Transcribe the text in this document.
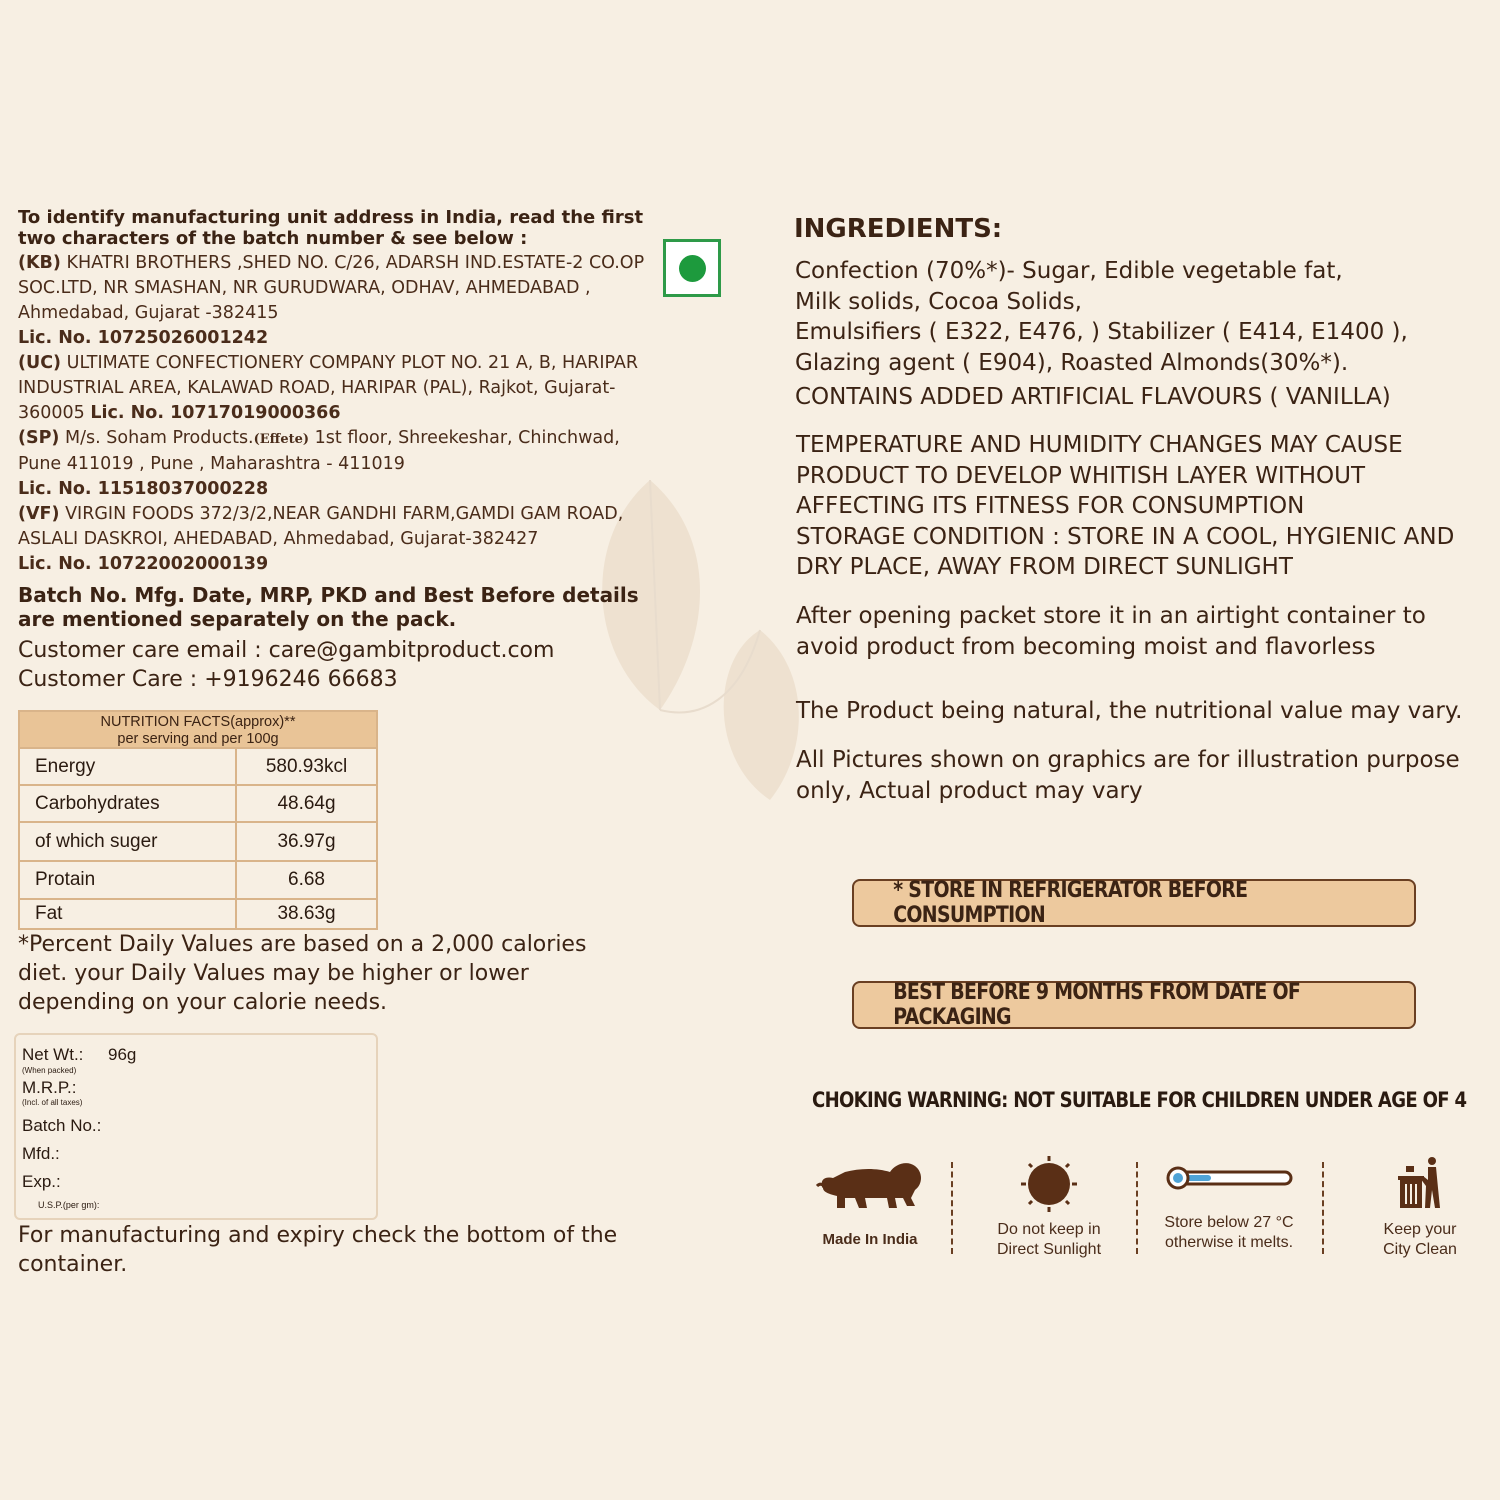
To identify manufacturing unit address in India, read the first two characters of the batch number & see below :

(KB) KHATRI BROTHERS ,SHED NO. C/26, ADARSH IND.ESTATE-2 CO.OP SOC.LTD, NR SMASHAN, NR GURUDWARA, ODHAV, AHMEDABAD , Ahmedabad, Gujarat -382415

Lic. No. 10725026001242

(UC) ULTIMATE CONFECTIONERY COMPANY PLOT NO. 21 A, B, HARIPAR INDUSTRIAL AREA, KALAWAD ROAD, HARIPAR (PAL), Rajkot, Gujarat-360005 Lic. No. 10717019000366

(SP) M/s. Soham Products.(Effete) 1st floor, Shreekeshar, Chinchwad, Pune 411019 , Pune , Maharashtra - 411019

Lic. No. 11518037000228

(VF) VIRGIN FOODS 372/3/2,NEAR GANDHI FARM,GAMDI GAM ROAD, ASLALI DASKROI, AHEDABAD, Ahmedabad, Gujarat-382427

Lic. No. 10722002000139

Batch No. Mfg. Date, MRP, PKD and Best Before details are mentioned separately on the pack.
Customer care email : care@gambitproduct.com
Customer Care : +9196246 66683
NUTRITION FACTS(approx)**
per serving and per 100g
Energy	580.93kcl
Carbohydrates	48.64g
of which suger	36.97g
Protain	6.68
Fat	38.63g
*Percent Daily Values are based on a 2,000 calories diet. your Daily Values may be higher or lower depending on your calorie needs.
Net Wt.: 96g
(When packed)
M.R.P.:
(Incl. of all taxes)
Batch No.:
Mfd.:
Exp.:
U.S.P.(per gm):
For manufacturing and expiry check the bottom of the container.
INGREDIENTS:

Confection (70%*)- Sugar, Edible vegetable fat,

Milk solids, Cocoa Solids,

Emulsifiers ( E322, E476, ) Stabilizer ( E414, E1400 ),

Glazing agent ( E904), Roasted Almonds(30%*).

CONTAINS ADDED ARTIFICIAL FLAVOURS ( VANILLA)

TEMPERATURE AND HUMIDITY CHANGES MAY CAUSE PRODUCT TO DEVELOP WHITISH LAYER WITHOUT AFFECTING ITS FITNESS FOR CONSUMPTION
STORAGE CONDITION : STORE IN A COOL, HYGIENIC AND DRY PLACE, AWAY FROM DIRECT SUNLIGHT
After opening packet store it in an airtight container to avoid product from becoming moist and flavorless
The Product being natural, the nutritional value may vary.
All Pictures shown on graphics are for illustration purpose only, Actual product may vary
* STORE IN REFRIGERATOR BEFORE CONSUMPTION
BEST BEFORE 9 MONTHS FROM DATE OF PACKAGING
CHOKING WARNING: NOT SUITABLE FOR CHILDREN UNDER AGE OF 4
Made In India
Do not keep in
Direct Sunlight
Store below 27 °C
otherwise it melts.
Keep your
City Clean
